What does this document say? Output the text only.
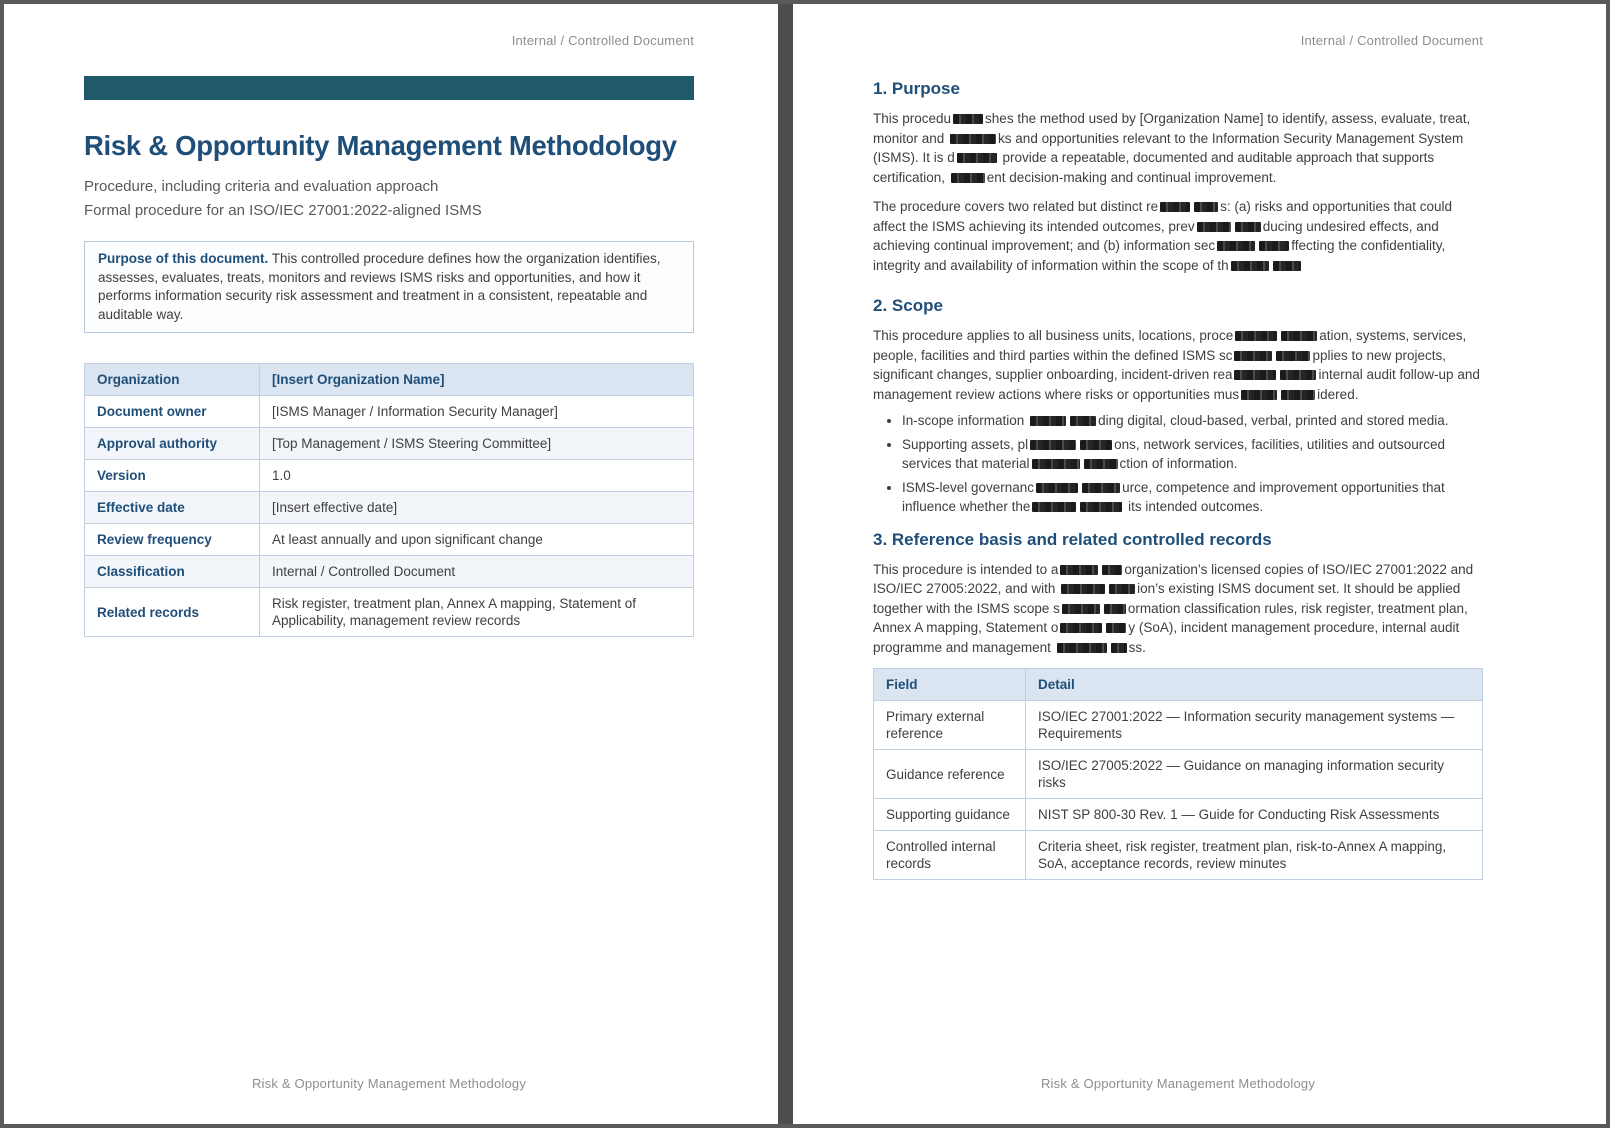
Internal / Controlled Document
Risk & Opportunity Management Methodology
Procedure, including criteria and evaluation approach
Formal procedure for an ISO/IEC 27001:2022-aligned ISMS
Purpose of this document. This controlled procedure defines how the organization identifies, assesses, evaluates, treats, monitors and reviews ISMS risks and opportunities, and how it performs information security risk assessment and treatment in a consistent, repeatable and auditable way.
Organization	[Insert Organization Name]
Document owner	[ISMS Manager / Information Security Manager]
Approval authority	[Top Management / ISMS Steering Committee]
Version	1.0
Effective date	[Insert effective date]
Review frequency	At least annually and upon significant change
Classification	Internal / Controlled Document
Related records	Risk register, treatment plan, Annex A mapping, Statement of Applicability, management review records
Risk & Opportunity Management Methodology
Internal / Controlled Document
1. Purpose
This procedu	shes the method used by [Organization Name] to identify, assess, evaluate, treat, monitor and	ks and opportunities relevant to the Information Security Management System (ISMS). It is d	provide a repeatable, documented and auditable approach that supports certification,	ent decision-making and continual improvement.
The procedure covers two related but distinct re	s: (a) risks and opportunities that could affect the ISMS achieving its intended outcomes, prev	ducing undesired effects, and achieving continual improvement; and (b) information sec	ffecting the confidentiality, integrity and availability of information within the scope of th
2. Scope
This procedure applies to all business units, locations, proce	ation, systems, services, people, facilities and third parties within the defined ISMS sc	pplies to new projects, significant changes, supplier onboarding, incident-driven rea	internal audit follow-up and management review actions where risks or opportunities mus	idered.
• In-scope information	ding digital, cloud-based, verbal, printed and stored media.
• Supporting assets, pl	ons, network services, facilities, utilities and outsourced services that material	ction of information.
• ISMS-level governanc	urce, competence and improvement opportunities that influence whether the	its intended outcomes.
3. Reference basis and related controlled records
This procedure is intended to a	organization’s licensed copies of ISO/IEC 27001:2022 and ISO/IEC 27005:2022, and with	ion’s existing ISMS document set. It should be applied together with the ISMS scope s	ormation classification rules, risk register, treatment plan, Annex A mapping, Statement o	y (SoA), incident management procedure, internal audit programme and management	ss.
Field	Detail
Primary external reference	ISO/IEC 27001:2022 — Information security management systems — Requirements
Guidance reference	ISO/IEC 27005:2022 — Guidance on managing information security risks
Supporting guidance	NIST SP 800-30 Rev. 1 — Guide for Conducting Risk Assessments
Controlled internal records	Criteria sheet, risk register, treatment plan, risk-to-Annex A mapping, SoA, acceptance records, review minutes
Risk & Opportunity Management Methodology
